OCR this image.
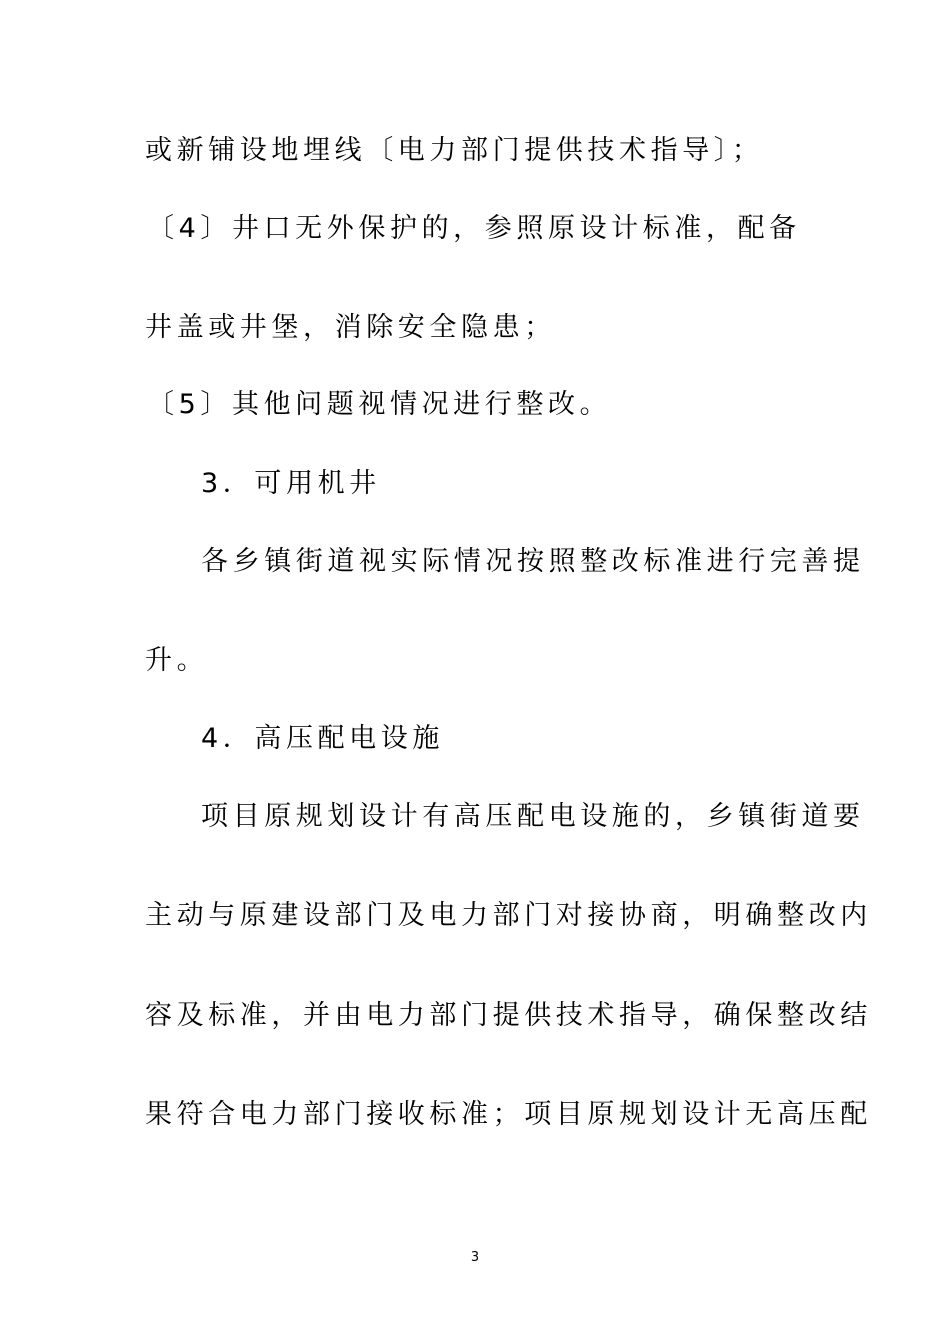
或新铺设地埋线〔电力部门提供技术指导〕；
〔4〕井口无外保护的，参照原设计标准，配备
井盖或井堡，消除安全隐患；
〔5〕其他问题视情况进行整改。
3．可用机井
各乡镇街道视实际情况按照整改标准进行完善提
升。
4．高压配电设施
项目原规划设计有高压配电设施的，乡镇街道要
主动与原建设部门及电力部门对接协商，明确整改内
容及标准，并由电力部门提供技术指导，确保整改结
果符合电力部门接收标准；项目原规划设计无高压配
3
